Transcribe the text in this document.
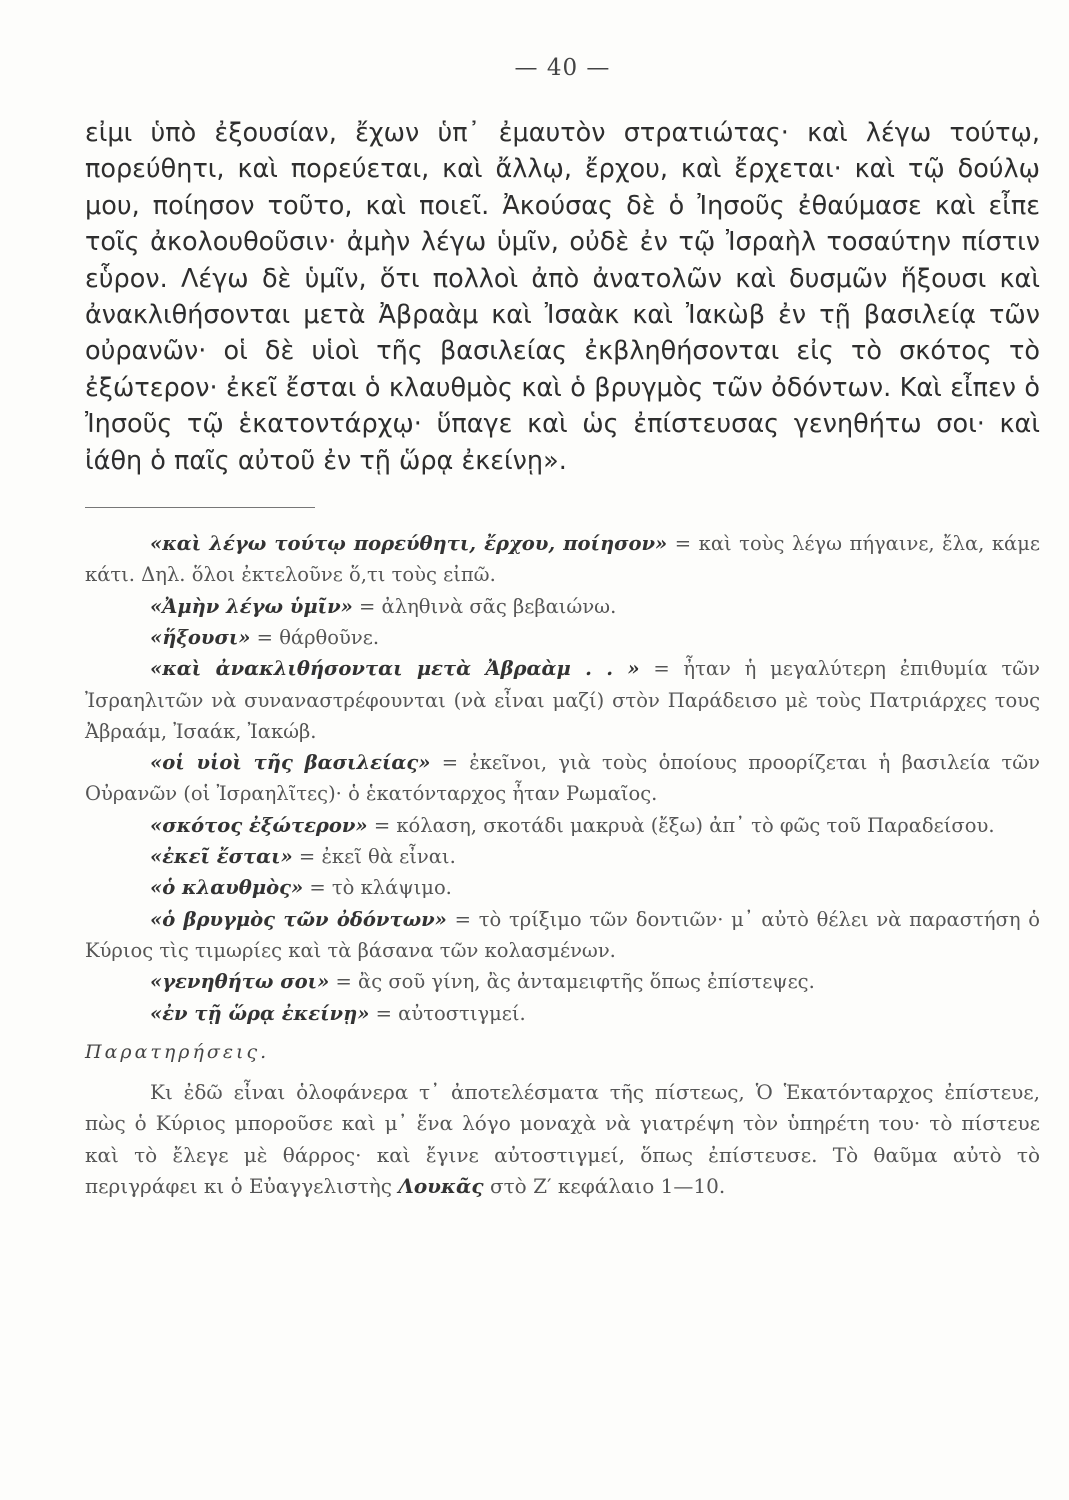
— 40 —

εἰμι ὑπὸ ἐξουσίαν, ἔχων ὑπ᾽ ἐμαυτὸν στρατιώτας· καὶ λέγω τούτῳ, πορεύθητι, καὶ πορεύεται, καὶ ἄλλῳ, ἔρχου, καὶ ἔρχεται· καὶ τῷ δούλῳ μου, ποίησον τοῦτο, καὶ ποιεῖ. Ἀκούσας δὲ ὁ Ἰησοῦς ἐθαύμασε καὶ εἶπε τοῖς ἀκολουθοῦσιν· ἀμὴν λέγω ὑμῖν, οὐδὲ ἐν τῷ Ἰσραὴλ τοσαύτην πίστιν εὗρον. Λέγω δὲ ὑμῖν, ὅτι πολλοὶ ἀπὸ ἀνατολῶν καὶ δυσμῶν ἥξουσι καὶ ἀνακλιθήσονται μετὰ Ἀβραὰμ καὶ Ἰσαὰκ καὶ Ἰακὼβ ἐν τῇ βασιλείᾳ τῶν οὐρανῶν· οἱ δὲ υἱοὶ τῆς βασιλείας ἐκβληθήσονται εἰς τὸ σκότος τὸ ἐξώτερον· ἐκεῖ ἔσται ὁ κλαυθμὸς καὶ ὁ βρυγμὸς τῶν ὀδόντων. Καὶ εἶπεν ὁ Ἰησοῦς τῷ ἑκατοντάρχῳ· ὕπαγε καὶ ὡς ἐπίστευσας γενηθήτω σοι· καὶ ἰάθη ὁ παῖς αὐτοῦ ἐν τῇ ὥρᾳ ἐκείνῃ».

«καὶ λέγω τούτῳ πορεύθητι, ἔρχου, ποίησον» = καὶ τοὺς λέγω πήγαινε, ἔλα, κάμε κάτι. Δηλ. ὅλοι ἐκτελοῦνε ὅ,τι τοὺς εἰπῶ.

«Ἀμὴν λέγω ὑμῖν» = ἀληθινὰ σᾶς βεβαιώνω.

«ἥξουσι» = θάρθοῦνε.

«καὶ ἀνακλιθήσονται μετὰ Ἀβραὰμ . . » = ἦταν ἡ μεγαλύτερη ἐπιθυμία τῶν Ἰσραηλιτῶν νὰ συναναστρέφουνται (νὰ εἶναι μαζί) στὸν Παράδεισο μὲ τοὺς Πατριάρχες τους Ἀβραάμ, Ἰσαάκ, Ἰακώβ.

«οἱ υἱοὶ τῆς βασιλείας» = ἐκεῖνοι, γιὰ τοὺς ὁποίους προορίζεται ἡ βασιλεία τῶν Οὐρανῶν (οἱ Ἰσραηλῖτες)· ὁ ἑκατόνταρχος ἦταν Ρωμαῖος.

«σκότος ἐξώτερον» = κόλαση, σκοτάδι μακρυὰ (ἔξω) ἀπ᾽ τὸ φῶς τοῦ Παραδείσου.

«ἐκεῖ ἔσται» = ἐκεῖ θὰ εἶναι.

«ὁ κλαυθμὸς» = τὸ κλάψιμο.

«ὁ βρυγμὸς τῶν ὀδόντων» = τὸ τρίξιμο τῶν δοντιῶν· μ᾽ αὐτὸ θέλει νὰ παραστήση ὁ Κύριος τὶς τιμωρίες καὶ τὰ βάσανα τῶν κολασμένων.

«γενηθήτω σοι» = ἂς σοῦ γίνη, ἂς ἀνταμειφτῆς ὅπως ἐπίστεψες.

«ἐν τῇ ὥρᾳ ἐκείνῃ» = αὐτοστιγμεί.

Παρατηρήσεις.

Κι ἐδῶ εἶναι ὁλοφάνερα τ᾽ ἀποτελέσματα τῆς πίστεως, Ὁ Ἑκατόνταρχος ἐπίστευε, πὼς ὁ Κύριος μποροῦσε καὶ μ᾽ ἕνα λόγο μοναχὰ νὰ γιατρέψη τὸν ὑπηρέτη του· τὸ πίστευε καὶ τὸ ἔλεγε μὲ θάρρος· καὶ ἔγινε αὐτοστιγμεί, ὅπως ἐπίστευσε. Τὸ θαῦμα αὐτὸ τὸ περιγράφει κι ὁ Εὐαγγελιστὴς Λουκᾶς στὸ Ζ′ κεφάλαιο 1—10.
